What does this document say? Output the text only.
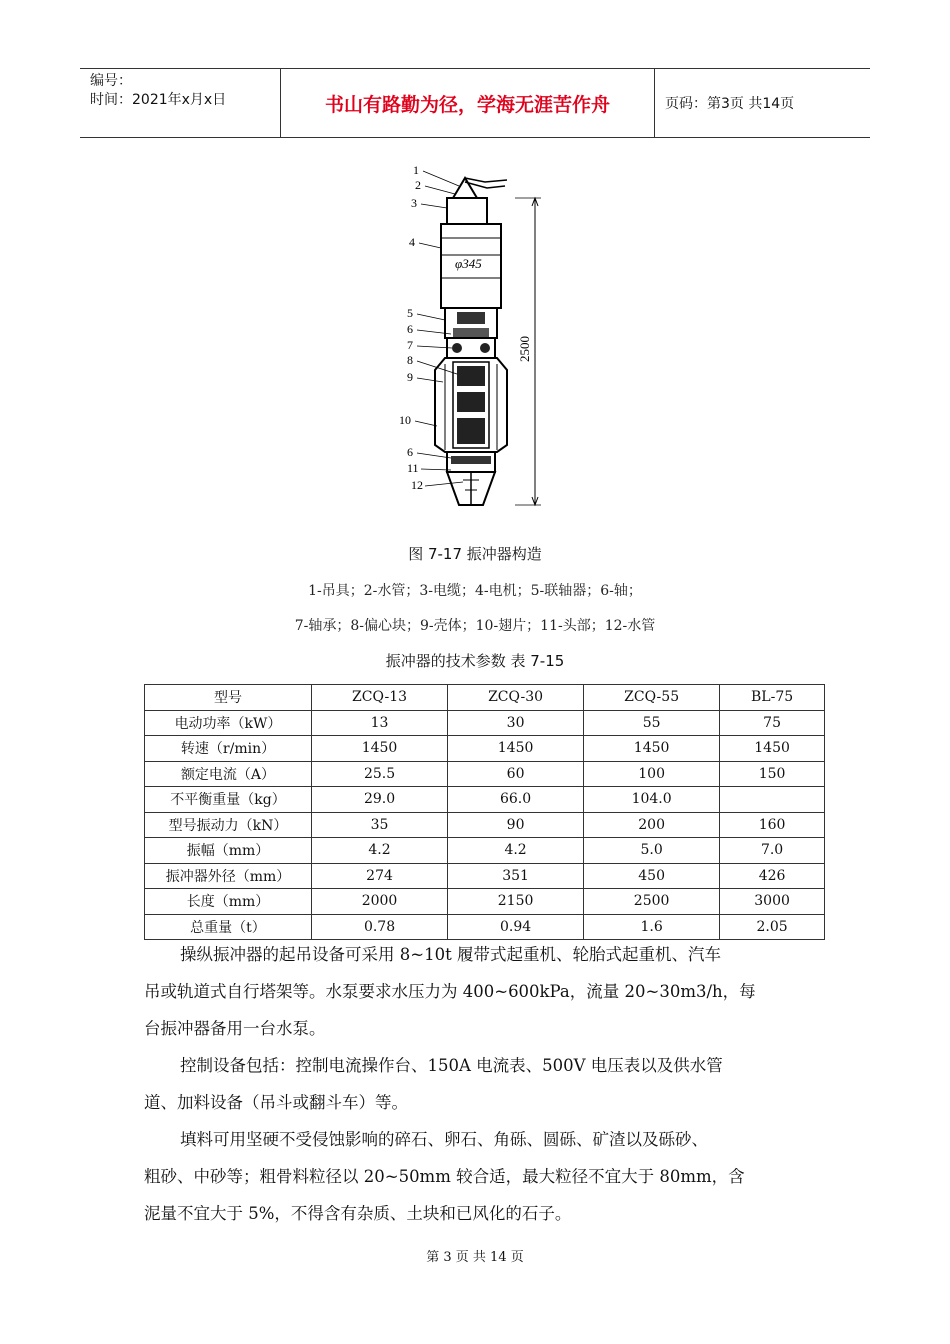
编号：
时间：2021年x月x日	书山有路勤为径，学海无涯苦作舟	页码：第3页 共14页
φ345
2500
1
2
3
4
5
6
7
8
9
10
6
11
12
图 7-17 振冲器构造
1-吊具；2-水管；3-电缆；4-电机；5-联轴器；6-轴；
7-轴承；8-偏心块；9-壳体；10-翅片；11-头部；12-水管
振冲器的技术参数 表 7-15
型号	ZCQ-13	ZCQ-30	ZCQ-55	BL-75
电动功率（kW）	13	30	55	75
转速（r/min）	1450	1450	1450	1450
额定电流（A）	25.5	60	100	150
不平衡重量（kg）	29.0	66.0	104.0	
型号振动力（kN）	35	90	200	160
振幅（mm）	4.2	4.2	5.0	7.0
振冲器外径（mm）	274	351	450	426
长度（mm）	2000	2150	2500	3000
总重量（t）	0.78	0.94	1.6	2.05
操纵振冲器的起吊设备可采用 8~10t 履带式起重机、轮胎式起重机、汽车
吊或轨道式自行塔架等。水泵要求水压力为 400~600kPa，流量 20~30m3/h，每
台振冲器备用一台水泵。
控制设备包括：控制电流操作台、150A 电流表、500V 电压表以及供水管
道、加料设备（吊斗或翻斗车）等。
填料可用坚硬不受侵蚀影响的碎石、卵石、角砾、圆砾、矿渣以及砾砂、
粗砂、中砂等；粗骨料粒径以 20~50mm 较合适，最大粒径不宜大于 80mm，含
泥量不宜大于 5%，不得含有杂质、土块和已风化的石子。
第 3 页 共 14 页
